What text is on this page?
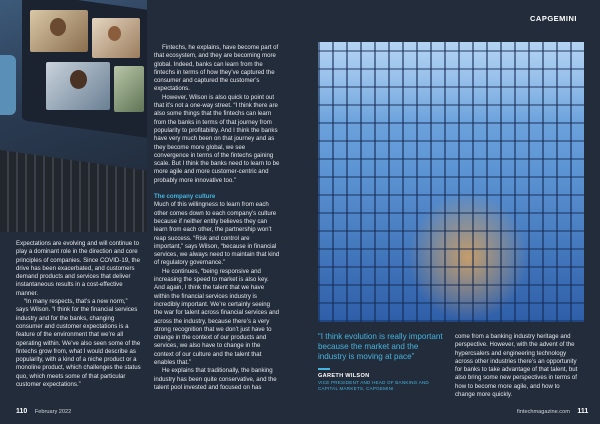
Expectations are evolving and will continue to play a dominant role in the direction and core principles of companies. Since COVID-19, the drive has been exacerbated, and customers demand products and services that deliver instantaneous results in a cost-effective manner.

“In many respects, that’s a new norm,” says Wilson. “I think for the financial services industry and for the banks, changing consumer and customer expectations is a feature of the environment that we’re all operating within. We’ve also seen some of the fintechs grow from, what I would describe as popularity, with a kind of a niche product or a monoline product, which challenges the status quo, which meets some of that particular customer expectations.”

Fintechs, he explains, have become part of that ecosystem, and they are becoming more global. Indeed, banks can learn from the fintechs in terms of how they’ve captured the consumer and captured the customer’s expectations.

However, Wilson is also quick to point out that it’s not a one-way street. “I think there are also some things that the fintechs can learn from the banks in terms of that journey from popularity to profitability. And I think the banks have very much been on that journey and as they become more global, we see convergence in terms of the fintechs gaining scale. But I think the banks need to learn to be more agile and more customer-centric and probably more innovative too.”

The company culture

Much of this willingness to learn from each other comes down to each company’s culture because if neither entity believes they can learn from each other, the partnership won’t reap success. “Risk and control are important,” says Wilson, “because in financial services, we always need to maintain that kind of regulatory governance.”

He continues, “being responsive and increasing the speed to market is also key. And again, I think the talent that we have within the financial services industry is incredibly important. We’re certainly seeing the war for talent across financial services and across the industry, because there’s a very strong recognition that we don’t just have to change in the context of our products and services, we also have to change in the context of our culture and the talent that enables that.”

He explains that traditionally, the banking industry has been quite conservative, and the talent pool invested and focused on has

110 February 2022
CAPGEMINI
“I think evolution is really important because the market and the industry is moving at pace”
GARETH WILSON
VICE PRESIDENT AND HEAD OF BANKING AND CAPITAL MARKETS, CAPGEMINI

come from a banking industry heritage and perspective. However, with the advent of the hypercsalers and engineering technology across other industries there’s an opportunity for banks to take advantage of that talent, but also bring some new perspectives in terms of how to become more agile, and how to change more quickly.

fintechmagazine.com 111
